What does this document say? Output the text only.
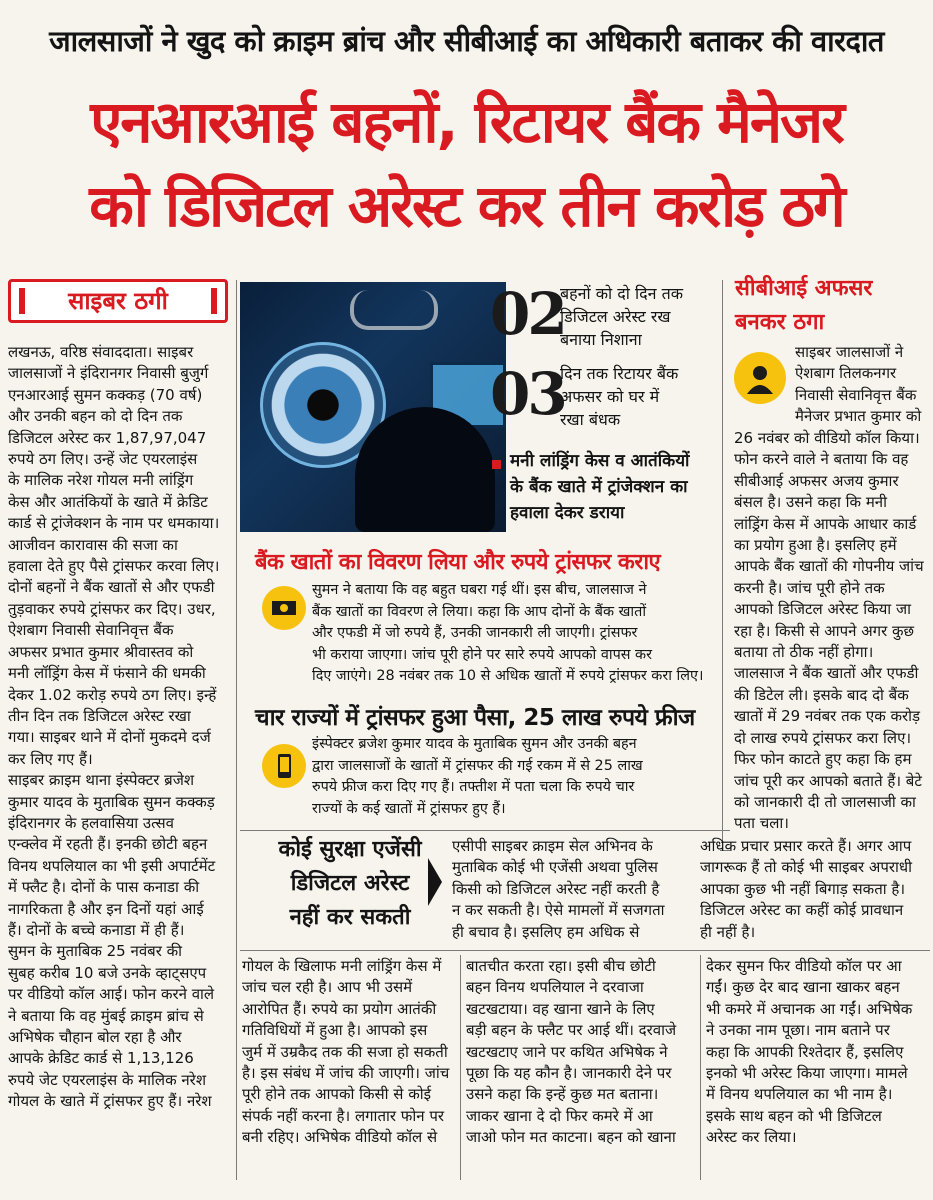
जालसाजों ने खुद को क्राइम ब्रांच और सीबीआई का अधिकारी बताकर की वारदात
एनआरआई बहनों, रिटायर बैंक मैनेजर
को डिजिटल अरेस्ट कर तीन करोड़ ठगे
साइबर ठगी
लखनऊ, वरिष्ठ संवाददाता। साइबर
जालसाजों ने इंदिरानगर निवासी बुजुर्ग
एनआरआई सुमन कक्कड़ (70 वर्ष)
और उनकी बहन को दो दिन तक
डिजिटल अरेस्ट कर 1,87,97,047
रुपये ठग लिए। उन्हें जेट एयरलाइंस
के मालिक नरेश गोयल मनी लांड्रिंग
केस और आतंकियों के खाते में क्रेडिट
कार्ड से ट्रांजेक्शन के नाम पर धमकाया।
आजीवन कारावास की सजा का
हवाला देते हुए पैसे ट्रांसफर करवा लिए।
दोनों बहनों ने बैंक खातों से और एफडी
तुड़वाकर रुपये ट्रांसफर कर दिए। उधर,
ऐशबाग निवासी सेवानिवृत्त बैंक
अफसर प्रभात कुमार श्रीवास्तव को
मनी लॉड्रिंग केस में फंसाने की धमकी
देकर 1.02 करोड़ रुपये ठग लिए। इन्हें
तीन दिन तक डिजिटल अरेस्ट रखा
गया। साइबर थाने में दोनों मुकदमे दर्ज
कर लिए गए हैं।
साइबर क्राइम थाना इंस्पेक्टर ब्रजेश
कुमार यादव के मुताबिक सुमन कक्कड़
इंदिरानगर के हलवासिया उत्सव
एन्क्लेव में रहती हैं। इनकी छोटी बहन
विनय थपलियाल का भी इसी अपार्टमेंट
में फ्लैट है। दोनों के पास कनाडा की
नागरिकता है और इन दिनों यहां आई
हैं। दोनों के बच्चे कनाडा में ही हैं।
सुमन के मुताबिक 25 नवंबर की
सुबह करीब 10 बजे उनके व्हाट्सएप
पर वीडियो कॉल आई। फोन करने वाले
ने बताया कि वह मुंबई क्राइम ब्रांच से
अभिषेक चौहान बोल रहा है और
आपके क्रेडिट कार्ड से 1,13,126
रुपये जेट एयरलाइंस के मालिक नरेश
गोयल के खाते में ट्रांसफर हुए हैं। नरेश
02
बहनों को दो दिन तक
डिजिटल अरेस्ट रख
बनाया निशाना
03
दिन तक रिटायर बैंक
अफसर को घर में
रखा बंधक
मनी लांड्रिंग केस व आतंकियों
के बैंक खाते में ट्रांजेक्शन का
हवाला देकर डराया
बैंक खातों का विवरण लिया और रुपये ट्रांसफर कराए
सुमन ने बताया कि वह बहुत घबरा गई थीं। इस बीच, जालसाज ने
बैंक खातों का विवरण ले लिया। कहा कि आप दोनों के बैंक खातों
और एफडी में जो रुपये हैं, उनकी जानकारी ली जाएगी। ट्रांसफर
भी कराया जाएगा। जांच पूरी होने पर सारे रुपये आपको वापस कर
दिए जाएंगे। 28 नवंबर तक 10 से अधिक खातों में रुपये ट्रांसफर करा लिए।
चार राज्यों में ट्रांसफर हुआ पैसा, 25 लाख रुपये फ्रीज
इंस्पेक्टर ब्रजेश कुमार यादव के मुताबिक सुमन और उनकी बहन
द्वारा जालसाजों के खातों में ट्रांसफर की गई रकम में से 25 लाख
रुपये फ्रीज करा दिए गए हैं। तफ्तीश में पता चला कि रुपये चार
राज्यों के कई खातों में ट्रांसफर हुए हैं।
सीबीआई अफसर
बनकर ठगा
साइबर जालसाजों ने
ऐशबाग तिलकनगर
निवासी सेवानिवृत्त बैंक
मैनेजर प्रभात कुमार को
26 नवंबर को वीडियो कॉल किया।
फोन करने वाले ने बताया कि वह
सीबीआई अफसर अजय कुमार
बंसल है। उसने कहा कि मनी
लांड्रिंग केस में आपके आधार कार्ड
का प्रयोग हुआ है। इसलिए हमें
आपके बैंक खातों की गोपनीय जांच
करनी है। जांच पूरी होने तक
आपको डिजिटल अरेस्ट किया जा
रहा है। किसी से आपने अगर कुछ
बताया तो ठीक नहीं होगा।
जालसाज ने बैंक खातों और एफडी
की डिटेल ली। इसके बाद दो बैंक
खातों में 29 नवंबर तक एक करोड़
दो लाख रुपये ट्रांसफर करा लिए।
फिर फोन काटते हुए कहा कि हम
जांच पूरी कर आपको बताते हैं। बेटे
को जानकारी दी तो जालसाजी का
पता चला।
कोई सुरक्षा एजेंसी
डिजिटल अरेस्ट
नहीं कर सकती
एसीपी साइबर क्राइम सेल अभिनव के
मुताबिक कोई भी एजेंसी अथवा पुलिस
किसी को डिजिटल अरेस्ट नहीं करती है
न कर सकती है। ऐसे मामलों में सजगता
ही बचाव है। इसलिए हम अधिक से
अधिक प्रचार प्रसार करते हैं। अगर आप
जागरूक हैं तो कोई भी साइबर अपराधी
आपका कुछ भी नहीं बिगाड़ सकता है।
डिजिटल अरेस्ट का कहीं कोई प्रावधान
ही नहीं है।
गोयल के खिलाफ मनी लांड्रिंग केस में
जांच चल रही है। आप भी उसमें
आरोपित हैं। रुपये का प्रयोग आतंकी
गतिविधियों में हुआ है। आपको इस
जुर्म में उम्रकैद तक की सजा हो सकती
है। इस संबंध में जांच की जाएगी। जांच
पूरी होने तक आपको किसी से कोई
संपर्क नहीं करना है। लगातार फोन पर
बनी रहिए। अभिषेक वीडियो कॉल से
बातचीत करता रहा। इसी बीच छोटी
बहन विनय थपलियाल ने दरवाजा
खटखटाया। वह खाना खाने के लिए
बड़ी बहन के फ्लैट पर आई थीं। दरवाजे
खटखटाए जाने पर कथित अभिषेक ने
पूछा कि यह कौन है। जानकारी देने पर
उसने कहा कि इन्हें कुछ मत बताना।
जाकर खाना दे दो फिर कमरे में आ
जाओ फोन मत काटना। बहन को खाना
देकर सुमन फिर वीडियो कॉल पर आ
गईं। कुछ देर बाद खाना खाकर बहन
भी कमरे में अचानक आ गईं। अभिषेक
ने उनका नाम पूछा। नाम बताने पर
कहा कि आपकी रिश्तेदार हैं, इसलिए
इनको भी अरेस्ट किया जाएगा। मामले
में विनय थपलियाल का भी नाम है।
इसके साथ बहन को भी डिजिटल
अरेस्ट कर लिया।
